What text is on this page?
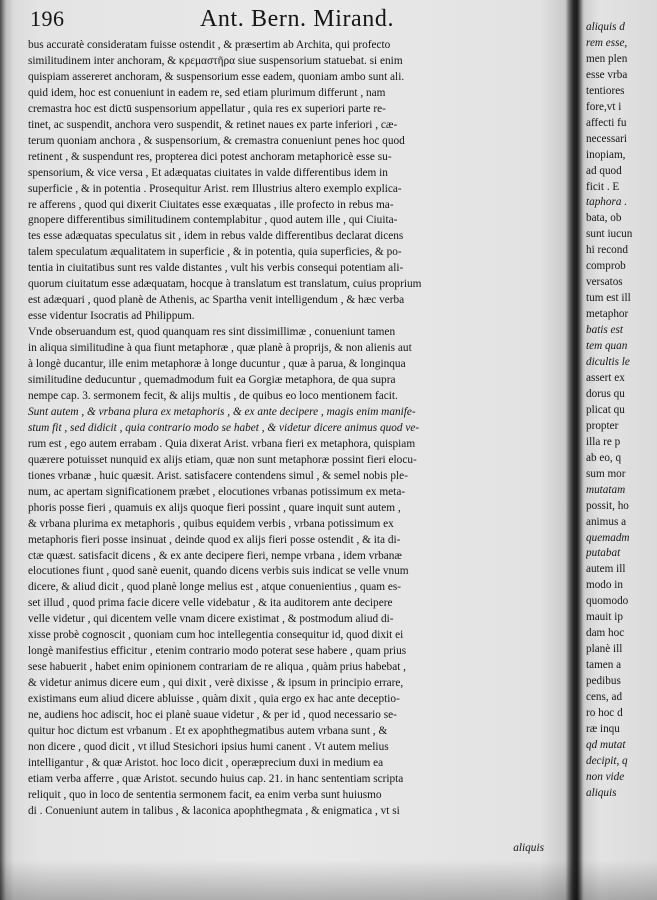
196	Ant. Bern. Mirand.
bus accuratè consideratam fuisse ostendit , & præsertim ab Archita, qui profecto
similitudinem inter anchoram, & κρεμαστῆρα siue suspensorium statuebat. si enim
quispiam assereret anchoram, & suspensorium esse eadem, quoniam ambo sunt ali.
quid idem, hoc est conueniunt in eadem re, sed etiam plurimum differunt , nam
cremastra hoc est dictū suspensorium appellatur , quia res ex superiori parte re-
tinet, ac suspendit, anchora vero suspendit, & retinet naues ex parte inferiori , cæ-
terum quoniam anchora , & suspensorium, & cremastra conueniunt penes hoc quod
retinent , & suspendunt res, propterea dici potest anchoram metaphoricè esse su-
spensorium, & vice versa , Et adæquatas ciuitates in valde differentibus idem in
superficie , & in potentia . Prosequitur Arist. rem Illustrius altero exemplo explica-
re afferens , quod qui dixerit Ciuitates esse exæquatas , ille profecto in rebus ma-
gnopere differentibus similitudinem contemplabitur , quod autem ille , qui Ciuita-
tes esse adæquatas speculatus sit , idem in rebus valde differentibus declarat dicens
talem speculatum æqualitatem in superficie , & in potentia, quia superficies, & po-
tentia in ciuitatibus sunt res valde distantes , vult his verbis consequi potentiam ali-
quorum ciuitatum esse adæquatam, hocque à translatum est translatum, cuius proprium
est adæquari , quod planè de Athenis, ac Spartha venit intelligendum , & hæc verba
esse videntur Isocratis ad Philippum.
Vnde obseruandum est, quod quanquam res sint dissimillimæ , conueniunt tamen
in aliqua similitudine à qua fiunt metaphoræ , quæ planè à proprijs, & non alienis aut
à longè ducantur, ille enim metaphoræ à longe ducuntur , quæ à parua, & longinqua
similitudine deducuntur , quemadmodum fuit ea Gorgiæ metaphora, de qua supra
nempe cap. 3. sermonem fecit, & alijs multis , de quibus eo loco mentionem facit.
Sunt autem , & vrbana plura ex metaphoris , & ex ante decipere , magis enim manife-
stum fit , sed didicit , quia contrario modo se habet , & videtur dicere animus quod ve-
rum est , ego autem errabam . Quia dixerat Arist. vrbana fieri ex metaphora, quispiam
quærere potuisset nunquid ex alijs etiam, quæ non sunt metaphoræ possint fieri elocu-
tiones vrbanæ , huic quæsit. Arist. satisfacere contendens simul , & semel nobis ple-
num, ac apertam significationem præbet , elocutiones vrbanas potissimum ex meta-
phoris posse fieri , quamuis ex alijs quoque fieri possint , quare inquit sunt autem ,
& vrbana plurima ex metaphoris , quibus equidem verbis , vrbana potissimum ex
metaphoris fieri posse insinuat , deinde quod ex alijs fieri posse ostendit , & ita di-
ctæ quæst. satisfacit dicens , & ex ante decipere fieri, nempe vrbana , idem vrbanæ
elocutiones fiunt , quod sanè euenit, quando dicens verbis suis indicat se velle vnum
dicere, & aliud dicit , quod planè longe melius est , atque conuenientius , quam es-
set illud , quod prima facie dicere velle videbatur , & ita auditorem ante decipere
velle videtur , qui dicentem velle vnam dicere existimat , & postmodum aliud di-
xisse probè cognoscit , quoniam cum hoc intellegentia consequitur id, quod dixit ei
longè manifestius efficitur , etenim contrario modo poterat sese habere , quam prius
sese habuerit , habet enim opinionem contrariam de re aliqua , quàm prius habebat ,
& videtur animus dicere eum , qui dixit , verè dixisse , & ipsum in principio errare,
existimans eum aliud dicere abluisse , quàm dixit , quia ergo ex hac ante deceptio-
ne, audiens hoc adiscit, hoc ei planè suaue videtur , & per id , quod necessario se-
quitur hoc dictum est vrbanum . Et ex apophthegmatibus autem vrbana sunt , &
non dicere , quod dicit , vt illud Stesichori ipsius humi canent . Vt autem melius
intelligantur , & quæ Aristot. hoc loco dicit , operæprecium duxi in medium ea
etiam verba afferre , quæ Aristot. secundo huius cap. 21. in hanc sententiam scripta
reliquit , quo in loco de sententia sermonem facit, ea enim verba sunt huiusmo
di . Conueniunt autem in talibus , & laconica apophthegmata , & enigmatica , vt si
aliquis
aliquis d
rem esse,
men plen
esse vrba
tentiores
fore,vt i
affecti fu
necessari
inopiam,
ad quod
ficit . E
taphora .
bata, ob
sunt iucun
hi recond
comprob
versatos
tum est ill
metaphor
batis est
tem quan
dicultis le
assert ex
dorus qu
plicat qu
propter
illa re p
ab eo, q
sum mor
mutatam
possit, ho
animus a
quemadm
putabat
autem ill
modo in
quomodo
mauit ip
dam hoc
planè ill
tamen a
pedibus
cens, ad
ro hoc d
ræ inqu
qd mutat
decipit, q
non vide
aliquis
